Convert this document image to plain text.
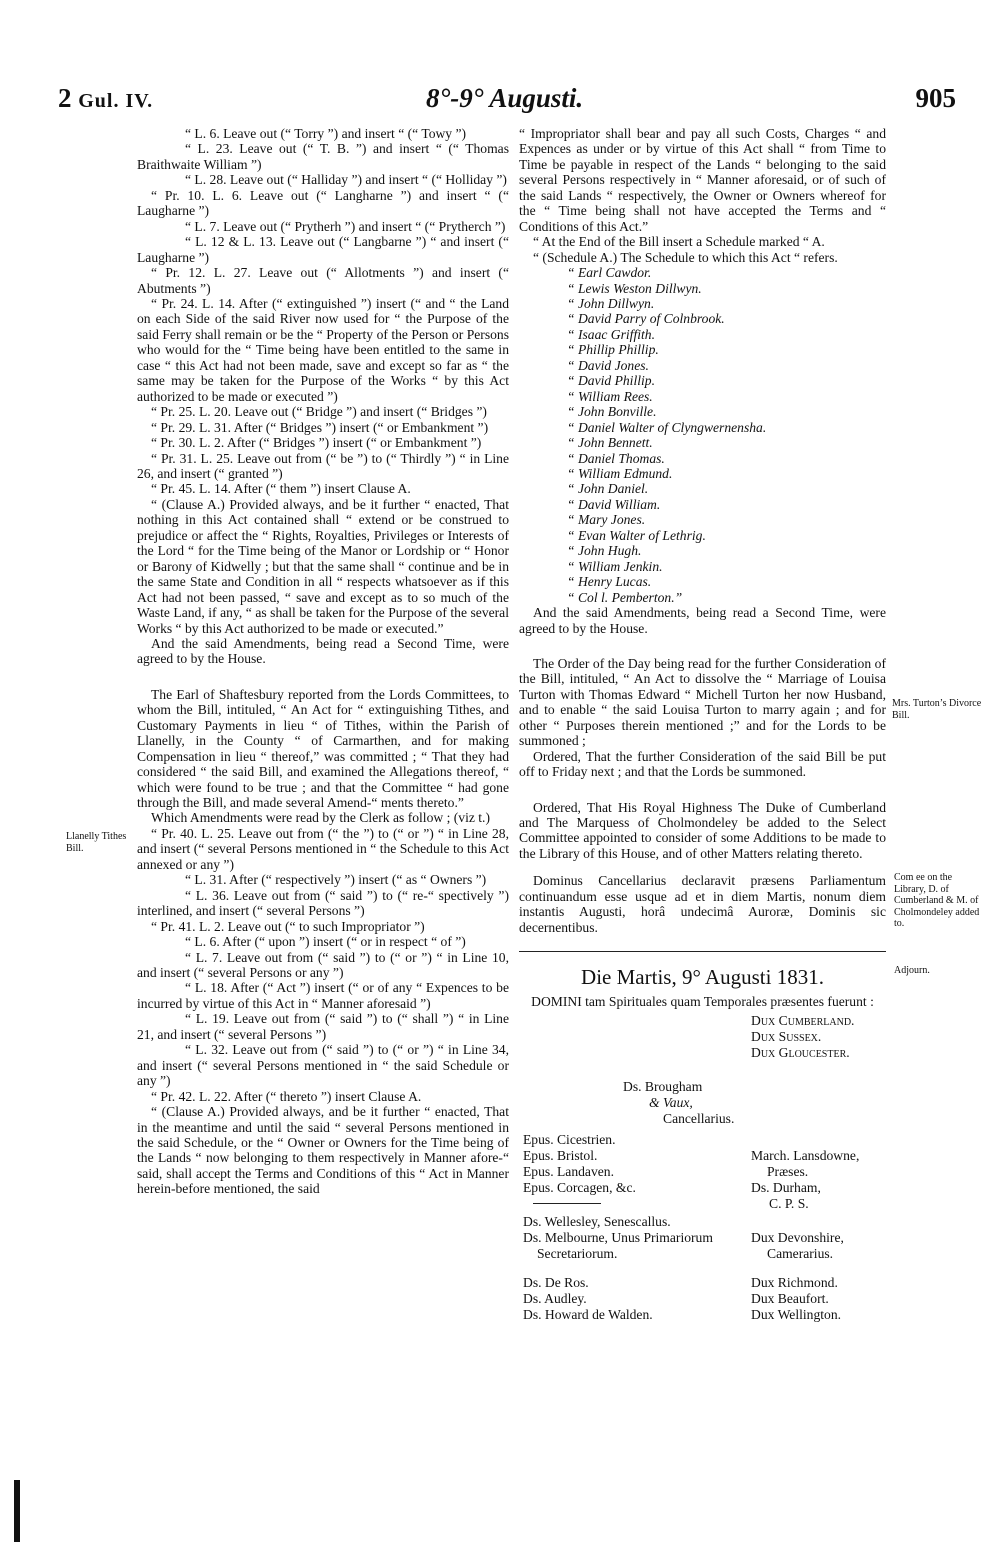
2 Gul. IV.	8°-9° Augusti.	905

“ L. 6. Leave out (“ Torry ”) and insert “ (“ Towy ”)

“ L. 23. Leave out (“ T. B. ”) and insert “ (“ Thomas Braithwaite William ”)

“ L. 28. Leave out (“ Halliday ”) and insert “ (“ Holliday ”)

“ Pr. 10. L. 6. Leave out (“ Langharne ”) and insert “ (“ Laugharne ”)

“ L. 7. Leave out (“ Prytherh ”) and insert “ (“ Prytherch ”)

“ L. 12 & L. 13. Leave out (“ Langbarne ”) “ and insert (“ Laugharne ”)

“ Pr. 12. L. 27. Leave out (“ Allotments ”) and insert (“ Abutments ”)

“ Pr. 24. L. 14. After (“ extinguished ”) insert (“ and “ the Land on each Side of the said River now used for “ the Purpose of the said Ferry shall remain or be the “ Property of the Person or Persons who would for the “ Time being have been entitled to the same in case “ this Act had not been made, save and except so far as “ the same may be taken for the Purpose of the Works “ by this Act authorized to be made or executed ”)

“ Pr. 25. L. 20. Leave out (“ Bridge ”) and insert (“ Bridges ”)

“ Pr. 29. L. 31. After (“ Bridges ”) insert (“ or Embankment ”)

“ Pr. 30. L. 2. After (“ Bridges ”) insert (“ or Embankment ”)

“ Pr. 31. L. 25. Leave out from (“ be ”) to (“ Thirdly ”) “ in Line 26, and insert (“ granted ”)

“ Pr. 45. L. 14. After (“ them ”) insert Clause A.

“ (Clause A.) Provided always, and be it further “ enacted, That nothing in this Act contained shall “ extend or be construed to prejudice or affect the “ Rights, Royalties, Privileges or Interests of the Lord “ for the Time being of the Manor or Lordship or “ Honor or Barony of Kidwelly ; but that the same shall “ continue and be in the same State and Condition in all “ respects whatsoever as if this Act had not been passed, “ save and except as to so much of the Waste Land, if any, “ as shall be taken for the Purpose of the several Works “ by this Act authorized to be made or executed.”

And the said Amendments, being read a Second Time, were agreed to by the House.

The Earl of Shaftesbury reported from the Lords Committees, to whom the Bill, intituled, “ An Act for “ extinguishing Tithes, and Customary Payments in lieu “ of Tithes, within the Parish of Llanelly, in the County “ of Carmarthen, and for making Compensation in lieu “ thereof,” was committed ; “ That they had considered “ the said Bill, and examined the Allegations thereof, “ which were found to be true ; and that the Committee “ had gone through the Bill, and made several Amend-“ ments thereto.”

Which Amendments were read by the Clerk as follow ; (viz t.)

“ Pr. 40. L. 25. Leave out from (“ the ”) to (“ or ”) “ in Line 28, and insert (“ several Persons mentioned in “ the Schedule to this Act annexed or any ”)

“ L. 31. After (“ respectively ”) insert (“ as “ Owners ”)

“ L. 36. Leave out from (“ said ”) to (“ re-“ spectively ”) interlined, and insert (“ several Persons ”)

“ Pr. 41. L. 2. Leave out (“ to such Impropriator ”)

“ L. 6. After (“ upon ”) insert (“ or in respect “ of ”)

“ L. 7. Leave out from (“ said ”) to (“ or ”) “ in Line 10, and insert (“ several Persons or any ”)

“ L. 18. After (“ Act ”) insert (“ or of any “ Expences to be incurred by virtue of this Act in “ Manner aforesaid ”)

“ L. 19. Leave out from (“ said ”) to (“ shall ”) “ in Line 21, and insert (“ several Persons ”)

“ L. 32. Leave out from (“ said ”) to (“ or ”) “ in Line 34, and insert (“ several Persons mentioned in “ the said Schedule or any ”)

“ Pr. 42. L. 22. After (“ thereto ”) insert Clause A.

“ (Clause A.) Provided always, and be it further “ enacted, That in the meantime and until the said “ several Persons mentioned in the said Schedule, or the “ Owner or Owners for the Time being of the Lands “ now belonging to them respectively in Manner afore-“ said, shall accept the Terms and Conditions of this “ Act in Manner herein-before mentioned, the said

Llanelly Tithes Bill.
Mrs. Turton’s Divorce Bill.
Com ee on the Library, D. of Cumberland & M. of Cholmondeley added to.
Adjourn.

“ Impropriator shall bear and pay all such Costs, Charges “ and Expences as under or by virtue of this Act shall “ from Time to Time be payable in respect of the Lands “ belonging to the said several Persons respectively in “ Manner aforesaid, or of such of the said Lands “ respectively, the Owner or Owners whereof for the “ Time being shall not have accepted the Terms and “ Conditions of this Act.”

“ At the End of the Bill insert a Schedule marked “ A.

“ (Schedule A.) The Schedule to which this Act “ refers.

“ Earl Cawdor.

“ Lewis Weston Dillwyn.

“ John Dillwyn.

“ David Parry of Colnbrook.

“ Isaac Griffith.

“ Phillip Phillip.

“ David Jones.

“ David Phillip.

“ William Rees.

“ John Bonville.

“ Daniel Walter of Clyngwernensha.

“ John Bennett.

“ Daniel Thomas.

“ William Edmund.

“ John Daniel.

“ David William.

“ Mary Jones.

“ Evan Walter of Lethrig.

“ John Hugh.

“ William Jenkin.

“ Henry Lucas.

“ Col l. Pemberton.”

And the said Amendments, being read a Second Time, were agreed to by the House.

The Order of the Day being read for the further Consideration of the Bill, intituled, “ An Act to dissolve the “ Marriage of Louisa Turton with Thomas Edward “ Michell Turton her now Husband, and to enable “ the said Louisa Turton to marry again ; and for other “ Purposes therein mentioned ;” and for the Lords to be summoned ;

Ordered, That the further Consideration of the said Bill be put off to Friday next ; and that the Lords be summoned.

Ordered, That His Royal Highness The Duke of Cumberland and The Marquess of Cholmondeley be added to the Select Committee appointed to consider of some Additions to be made to the Library of this House, and of other Matters relating thereto.

Dominus Cancellarius declaravit præsens Parliamentum continuandum esse usque ad et in diem Martis, nonum diem instantis Augusti, horâ undecimâ Auroræ, Dominis sic decernentibus.

Die Martis, 9° Augusti 1831.

DOMINI tam Spirituales quam Temporales præsentes fuerunt :

Dux Cumberland.
Dux Sussex.
Dux Gloucester.
Ds. Brougham
& Vaux,
Cancellarius.
Epus. Cicestrien.
Epus. Bristol.
Epus. Landaven.
Epus. Corcagen, &c.
March. Lansdowne,
Præses.
Ds. Durham,
C. P. S.
Ds. Wellesley, Senescallus.
Ds. Melbourne, Unus Primariorum
Secretariorum.
Dux Devonshire,
Camerarius.
Ds. De Ros.
Ds. Audley.
Ds. Howard de Walden.
Dux Richmond.
Dux Beaufort.
Dux Wellington.
